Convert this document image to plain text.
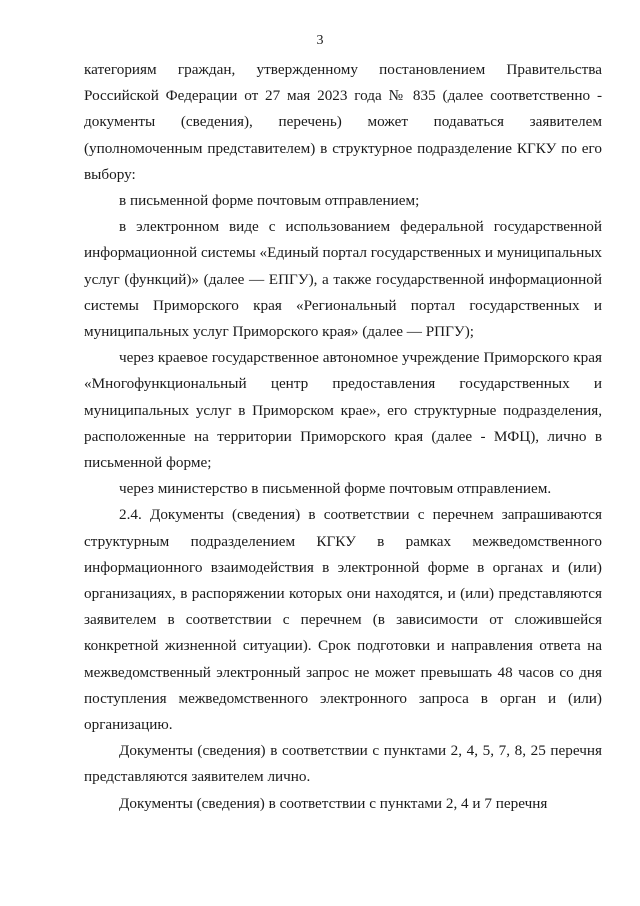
3

категориям граждан, утвержденному постановлением Правительства Российской Федерации от 27 мая 2023 года № 835 (далее соответственно - документы (сведения), перечень) может подаваться заявителем (уполномоченным представителем) в структурное подразделение КГКУ по его выбору:

в письменной форме почтовым отправлением;

в электронном виде с использованием федеральной государственной информационной системы «Единый портал государственных и муниципальных услуг (функций)» (далее — ЕПГУ), а также государственной информационной системы Приморского края «Региональный портал государственных и муниципальных услуг Приморского края» (далее — РПГУ);

через краевое государственное автономное учреждение Приморского края «Многофункциональный центр предоставления государственных и муниципальных услуг в Приморском крае», его структурные подразделения, расположенные на территории Приморского края (далее - МФЦ), лично в письменной форме;

через министерство в письменной форме почтовым отправлением.

2.4. Документы (сведения) в соответствии с перечнем запрашиваются структурным подразделением КГКУ в рамках межведомственного информационного взаимодействия в электронной форме в органах и (или) организациях, в распоряжении которых они находятся, и (или) представляются заявителем в соответствии с перечнем (в зависимости от сложившейся конкретной жизненной ситуации). Срок подготовки и направления ответа на межведомственный электронный запрос не может превышать 48 часов со дня поступления межведомственного электронного запроса в орган и (или) организацию.

Документы (сведения) в соответствии с пунктами 2, 4, 5, 7, 8, 25 перечня представляются заявителем лично.

Документы (сведения) в соответствии с пунктами 2, 4 и 7 перечня
